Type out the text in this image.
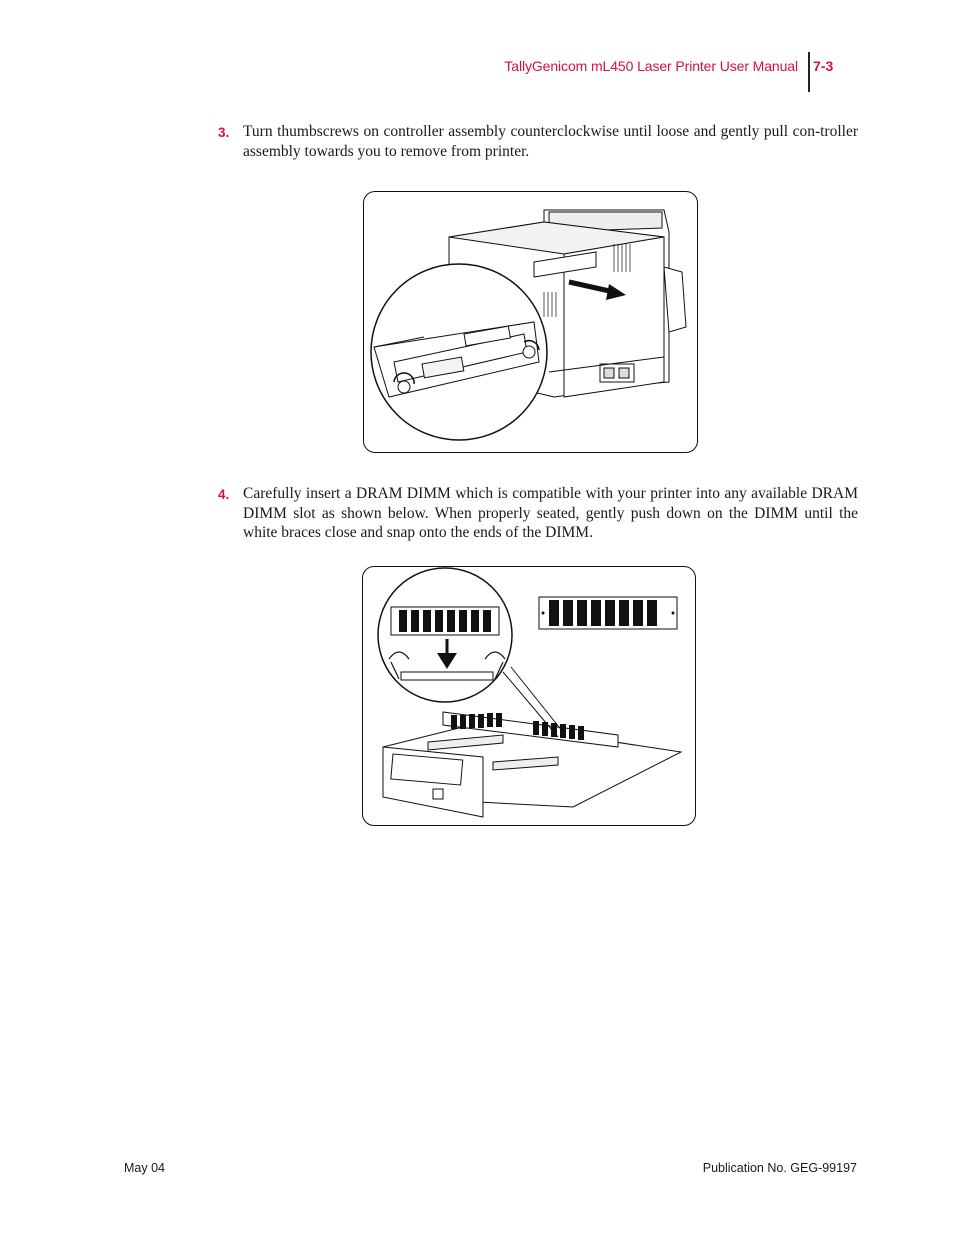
TallyGenicom mL450 Laser Printer User Manual 7-3
3. Turn thumbscrews on controller assembly counterclockwise until loose and gently pull con-troller assembly towards you to remove from printer.
4. Carefully insert a DRAM DIMM which is compatible with your printer into any available DRAM DIMM slot as shown below. When properly seated, gently push down on the DIMM until the white braces close and snap onto the ends of the DIMM.
May 04	Publication No. GEG-99197
